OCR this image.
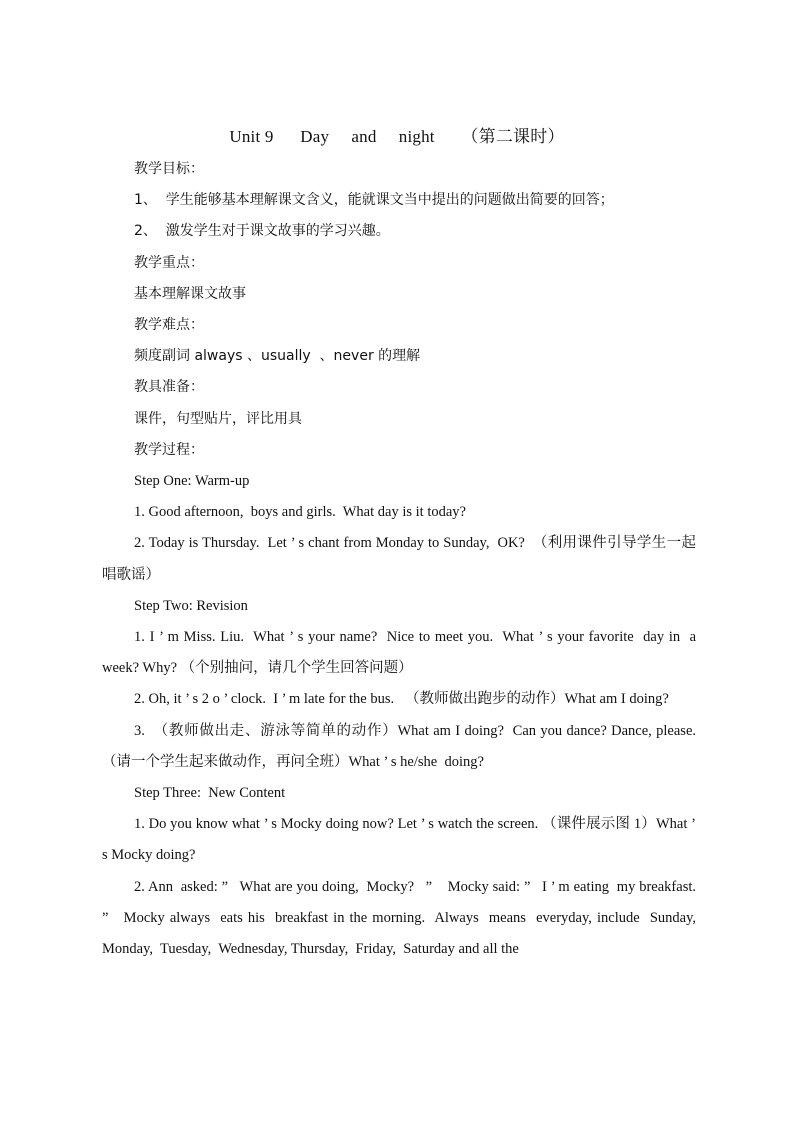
Unit 9      Day     and     night      （第二课时）

教学目标：

1、  学生能够基本理解课文含义，能就课文当中提出的问题做出简要的回答；

2、  激发学生对于课文故事的学习兴趣。

教学重点：

基本理解课文故事

教学难点：

频度副词 always 、usually  、never 的理解

教具准备：

课件，句型贴片，评比用具

教学过程：

Step One: Warm-up

1. Good afternoon,  boys and girls.  What day is it today?

2. Today is Thursday.  Let ’ s chant from Monday to Sunday,  OK?  （利用课件引导学生一起唱歌谣）

Step Two: Revision

1. I ’ m Miss. Liu.  What ’ s your name?  Nice to meet you.  What ’ s your favorite  day in  a week? Why? （个别抽问，请几个学生回答问题）

2. Oh, it ’ s 2 o ’ clock.  I ’ m late for the bus.   （教师做出跑步的动作）What am I doing?

3.  （教师做出走、游泳等简单的动作）What am I doing?  Can you dance? Dance, please.   （请一个学生起来做动作，再问全班）What ’ s he/she  doing?

Step Three:  New Content

1. Do you know what ’ s Mocky doing now? Let ’ s watch the screen. （课件展示图 1）What ’ s Mocky doing?

2. Ann  asked: ”   What are you doing,  Mocky?   ”    Mocky said: ”   I ’ m eating  my breakfast. ”   Mocky always  eats his  breakfast in the morning.  Always  means  everyday, include  Sunday,  Monday,  Tuesday,  Wednesday, Thursday,  Friday,  Saturday and all the
